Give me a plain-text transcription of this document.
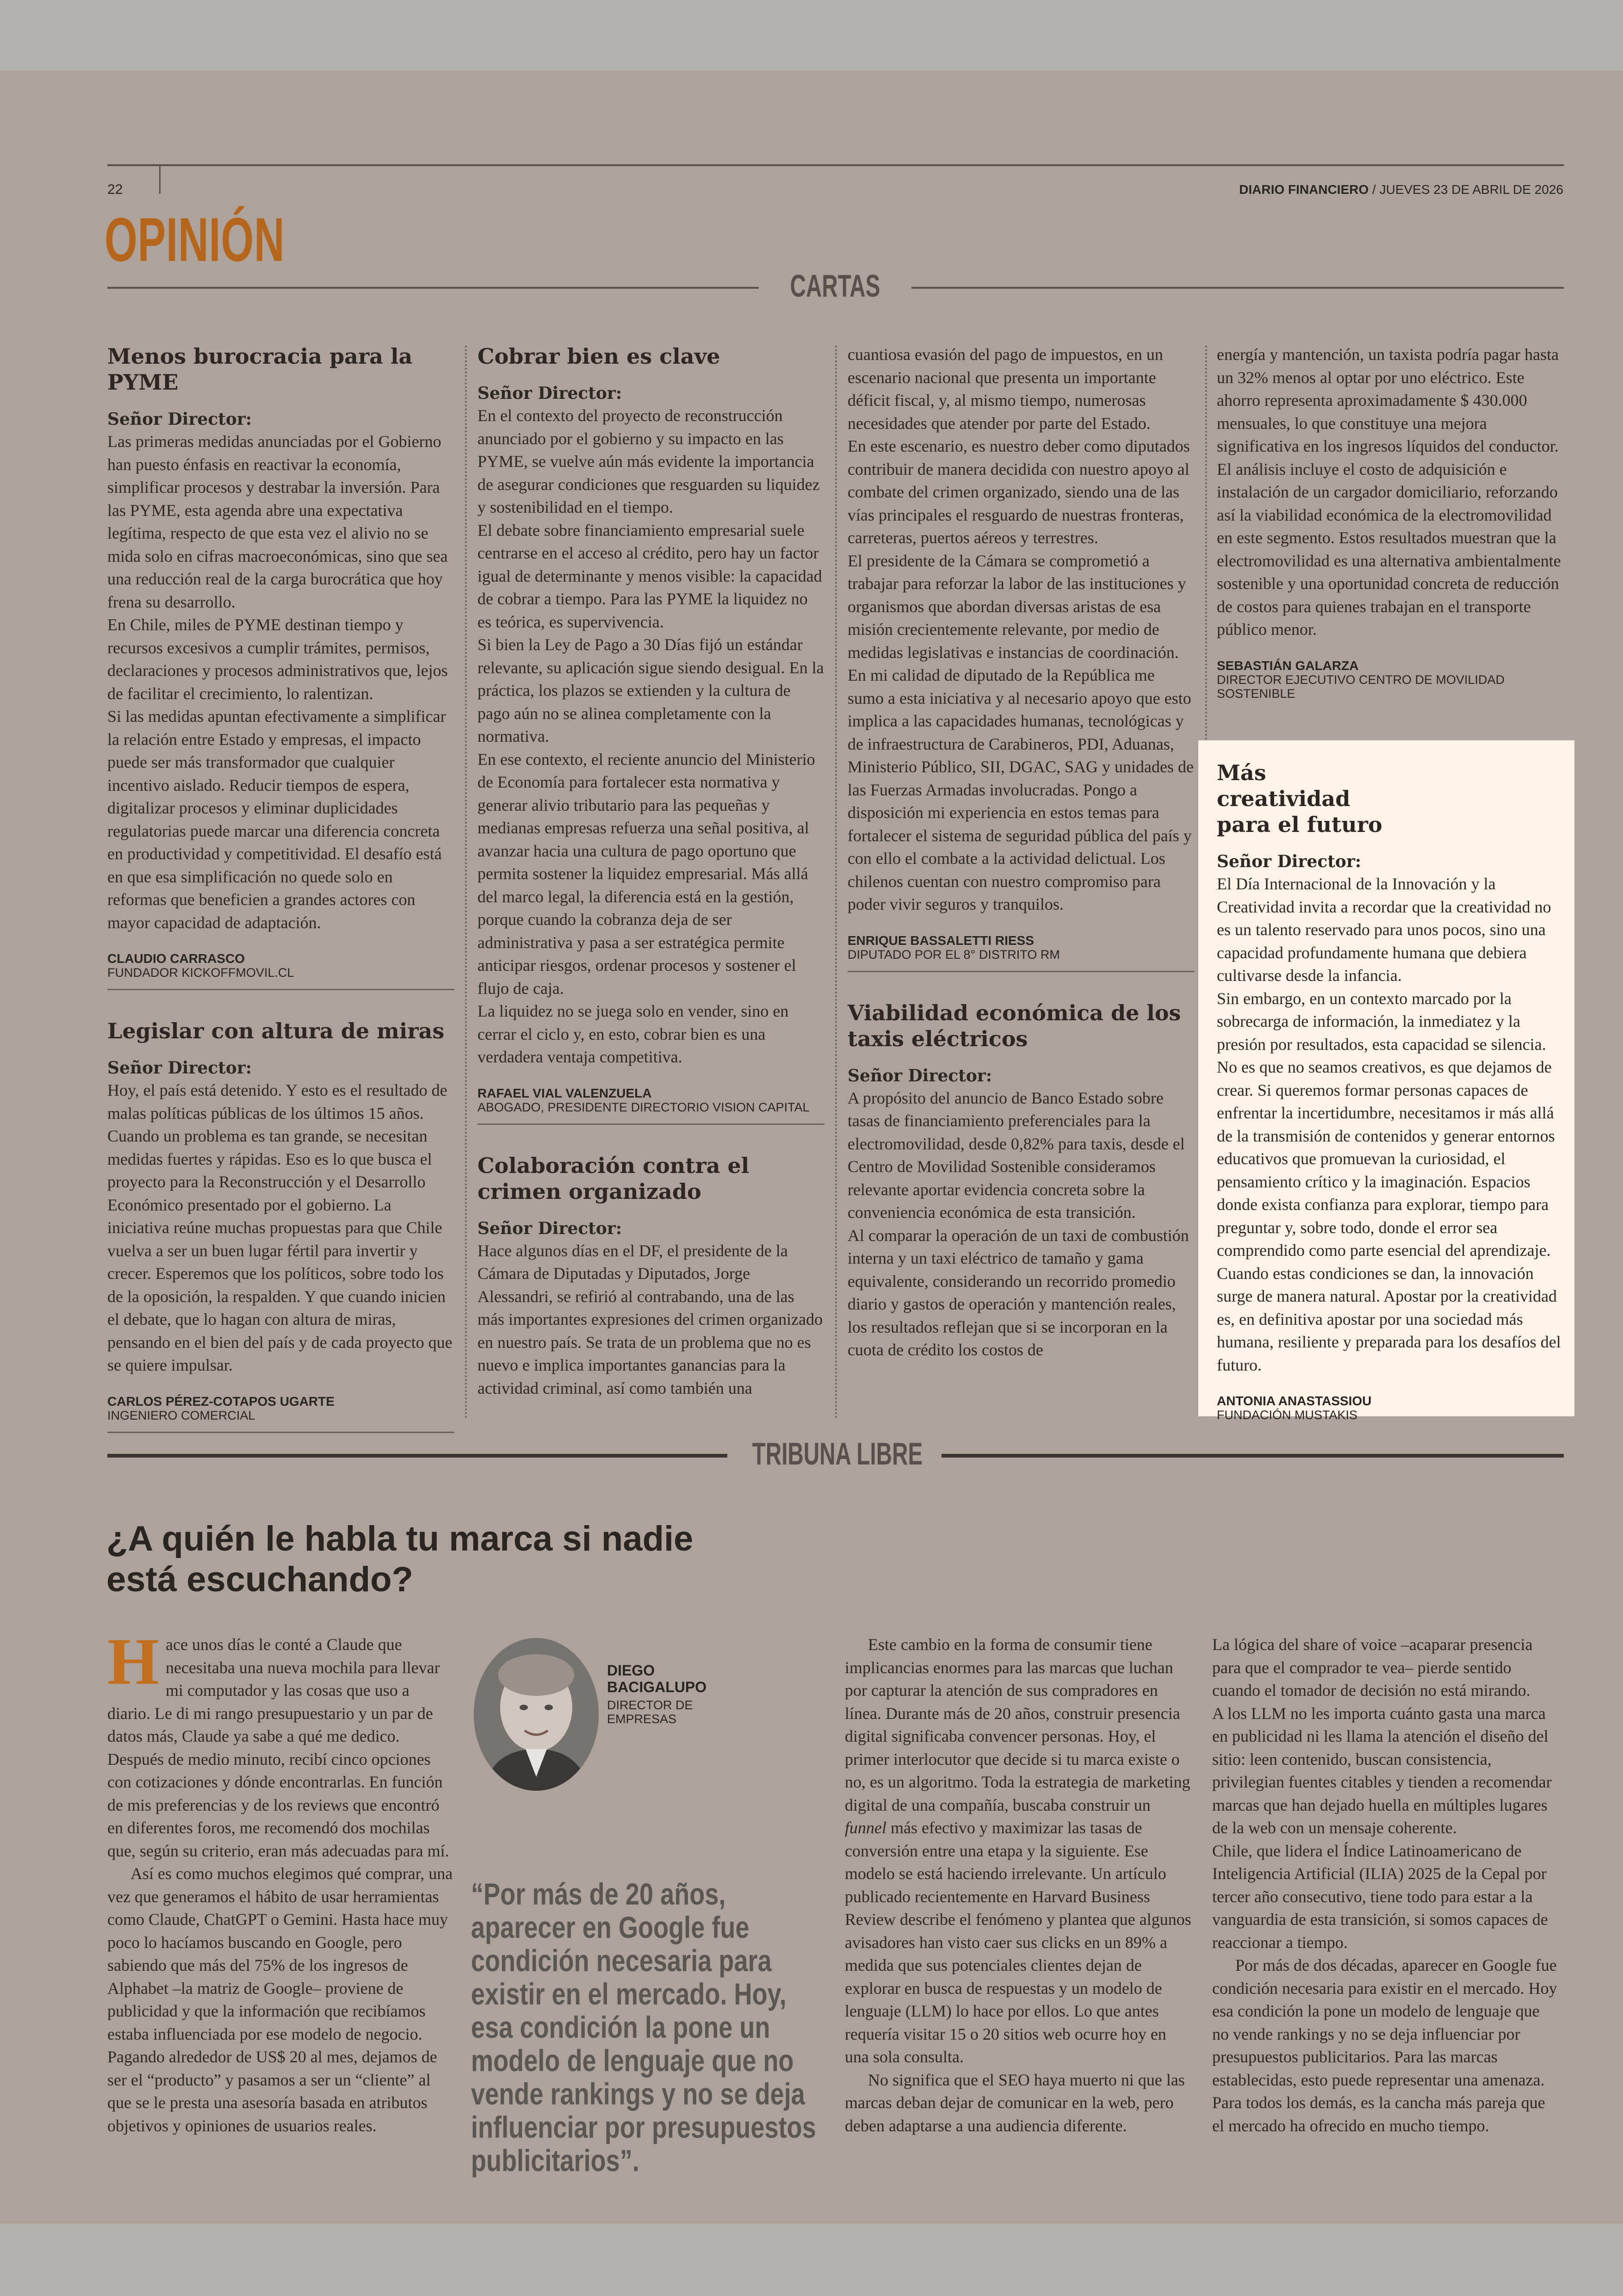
22	DIARIO FINANCIERO / JUEVES 23 DE ABRIL DE 2026
OPINIÓN
CARTAS
Menos burocracia para la PYME
Señor Director:

Las primeras medidas anunciadas por el Gobierno han puesto énfasis en reactivar la economía, simplificar procesos y destrabar la inversión. Para las PYME, esta agenda abre una expectativa legítima, respecto de que esta vez el alivio no se mida solo en cifras macroeconómicas, sino que sea una reducción real de la carga burocrática que hoy frena su desarrollo.

En Chile, miles de PYME destinan tiempo y recursos excesivos a cumplir trámites, permisos, declaraciones y procesos administrativos que, lejos de facilitar el crecimiento, lo ralentizan.

Si las medidas apuntan efectivamente a simplificar la relación entre Estado y empresas, el impacto puede ser más transformador que cualquier incentivo aislado. Reducir tiempos de espera, digitalizar procesos y eliminar duplicidades regulatorias puede marcar una diferencia concreta en productividad y competitividad. El desafío está en que esa simplificación no quede solo en reformas que beneficien a grandes actores con mayor capacidad de adaptación.

CLAUDIO CARRASCO
FUNDADOR KICKOFFMOVIL.CL
Legislar con altura de miras
Señor Director:

Hoy, el país está detenido. Y esto es el resultado de malas políticas públicas de los últimos 15 años. Cuando un problema es tan grande, se necesitan medidas fuertes y rápidas. Eso es lo que busca el proyecto para la Reconstrucción y el Desarrollo Económico presentado por el gobierno. La iniciativa reúne muchas propuestas para que Chile vuelva a ser un buen lugar fértil para invertir y crecer. Esperemos que los políticos, sobre todo los de la oposición, la respalden. Y que cuando inicien el debate, que lo hagan con altura de miras, pensando en el bien del país y de cada proyecto que se quiere impulsar.

CARLOS PÉREZ-COTAPOS UGARTE
INGENIERO COMERCIAL
Cobrar bien es clave
Señor Director:

En el contexto del proyecto de reconstrucción anunciado por el gobierno y su impacto en las PYME, se vuelve aún más evidente la importancia de asegurar condiciones que resguarden su liquidez y sostenibilidad en el tiempo.

El debate sobre financiamiento empresarial suele centrarse en el acceso al crédito, pero hay un factor igual de determinante y menos visible: la capacidad de cobrar a tiempo. Para las PYME la liquidez no es teórica, es supervivencia.

Si bien la Ley de Pago a 30 Días fijó un estándar relevante, su aplicación sigue siendo desigual. En la práctica, los plazos se extienden y la cultura de pago aún no se alinea completamente con la normativa.

En ese contexto, el reciente anuncio del Ministerio de Economía para fortalecer esta normativa y generar alivio tributario para las pequeñas y medianas empresas refuerza una señal positiva, al avanzar hacia una cultura de pago oportuno que permita sostener la liquidez empresarial. Más allá del marco legal, la diferencia está en la gestión, porque cuando la cobranza deja de ser administrativa y pasa a ser estratégica permite anticipar riesgos, ordenar procesos y sostener el flujo de caja.

La liquidez no se juega solo en vender, sino en cerrar el ciclo y, en esto, cobrar bien es una verdadera ventaja competitiva.

RAFAEL VIAL VALENZUELA
ABOGADO, PRESIDENTE DIRECTORIO VISION CAPITAL
Colaboración contra el crimen organizado
Señor Director:

Hace algunos días en el DF, el presidente de la Cámara de Diputadas y Diputados, Jorge Alessandri, se refirió al contrabando, una de las más importantes expresiones del crimen organizado en nuestro país. Se trata de un problema que no es nuevo e implica importantes ganancias para la actividad criminal, así como también una

cuantiosa evasión del pago de impuestos, en un escenario nacional que presenta un importante déficit fiscal, y, al mismo tiempo, numerosas necesidades que atender por parte del Estado.

En este escenario, es nuestro deber como diputados contribuir de manera decidida con nuestro apoyo al combate del crimen organizado, siendo una de las vías principales el resguardo de nuestras fronteras, carreteras, puertos aéreos y terrestres.

El presidente de la Cámara se comprometió a trabajar para reforzar la labor de las instituciones y organismos que abordan diversas aristas de esa misión crecientemente relevante, por medio de medidas legislativas e instancias de coordinación. En mi calidad de diputado de la República me sumo a esta iniciativa y al necesario apoyo que esto implica a las capacidades humanas, tecnológicas y de infraestructura de Carabineros, PDI, Aduanas, Ministerio Público, SII, DGAC, SAG y unidades de las Fuerzas Armadas involucradas. Pongo a disposición mi experiencia en estos temas para fortalecer el sistema de seguridad pública del país y con ello el combate a la actividad delictual. Los chilenos cuentan con nuestro compromiso para poder vivir seguros y tranquilos.

ENRIQUE BASSALETTI RIESS
DIPUTADO POR EL 8° DISTRITO RM
Viabilidad económica de los taxis eléctricos
Señor Director:

A propósito del anuncio de Banco Estado sobre tasas de financiamiento preferenciales para la electromovilidad, desde 0,82% para taxis, desde el Centro de Movilidad Sostenible consideramos relevante aportar evidencia concreta sobre la conveniencia económica de esta transición.

Al comparar la operación de un taxi de combustión interna y un taxi eléctrico de tamaño y gama equivalente, considerando un recorrido promedio diario y gastos de operación y mantención reales, los resultados reflejan que si se incorporan en la cuota de crédito los costos de

energía y mantención, un taxista podría pagar hasta un 32% menos al optar por uno eléctrico. Este ahorro representa aproximadamente $ 430.000 mensuales, lo que constituye una mejora significativa en los ingresos líquidos del conductor. El análisis incluye el costo de adquisición e instalación de un cargador domiciliario, reforzando así la viabilidad económica de la electromovilidad en este segmento. Estos resultados muestran que la electromovilidad es una alternativa ambientalmente sostenible y una oportunidad concreta de reducción de costos para quienes trabajan en el transporte público menor.

SEBASTIÁN GALARZA
DIRECTOR EJECUTIVO CENTRO DE MOVILIDAD SOSTENIBLE
Más creatividad para el futuro
Señor Director:

El Día Internacional de la Innovación y la Creatividad invita a recordar que la creatividad no es un talento reservado para unos pocos, sino una capacidad profundamente humana que debiera cultivarse desde la infancia.

Sin embargo, en un contexto marcado por la sobrecarga de información, la inmediatez y la presión por resultados, esta capacidad se silencia. No es que no seamos creativos, es que dejamos de crear. Si queremos formar personas capaces de enfrentar la incertidumbre, necesitamos ir más allá de la transmisión de contenidos y generar entornos educativos que promuevan la curiosidad, el pensamiento crítico y la imaginación. Espacios donde exista confianza para explorar, tiempo para preguntar y, sobre todo, donde el error sea comprendido como parte esencial del aprendizaje. Cuando estas condiciones se dan, la innovación surge de manera natural. Apostar por la creatividad es, en definitiva apostar por una sociedad más humana, resiliente y preparada para los desafíos del futuro.

ANTONIA ANASTASSIOU
FUNDACIÓN MUSTAKIS
TRIBUNA LIBRE
¿A quién le habla tu marca si nadie está escuchando?

Hace unos días le conté a Claude que necesitaba una nueva mochila para llevar mi computador y las cosas que uso a diario. Le di mi rango presupuestario y un par de datos más, Claude ya sabe a qué me dedico. Después de medio minuto, recibí cinco opciones con cotizaciones y dónde encontrarlas. En función de mis preferencias y de los reviews que encontró en diferentes foros, me recomendó dos mochilas que, según su criterio, eran más adecuadas para mí.

Así es como muchos elegimos qué comprar, una vez que generamos el hábito de usar herramientas como Claude, ChatGPT o Gemini. Hasta hace muy poco lo hacíamos buscando en Google, pero sabiendo que más del 75% de los ingresos de Alphabet –la matriz de Google– proviene de publicidad y que la información que recibíamos estaba influenciada por ese modelo de negocio. Pagando alrededor de US$ 20 al mes, dejamos de ser el “producto” y pasamos a ser un “cliente” al que se le presta una asesoría basada en atributos objetivos y opiniones de usuarios reales.

DIEGO BACIGALUPO
DIRECTOR DE EMPRESAS
“Por más de 20 años, aparecer en Google fue condición necesaria para existir en el mercado. Hoy, esa condición la pone un modelo de lenguaje que no vende rankings y no se deja influenciar por presupuestos publicitarios”.

Este cambio en la forma de consumir tiene implicancias enormes para las marcas que luchan por capturar la atención de sus compradores en línea. Durante más de 20 años, construir presencia digital significaba convencer personas. Hoy, el primer interlocutor que decide si tu marca existe o no, es un algoritmo. Toda la estrategia de marketing digital de una compañía, buscaba construir un funnel más efectivo y maximizar las tasas de conversión entre una etapa y la siguiente. Ese modelo se está haciendo irrelevante. Un artículo publicado recientemente en Harvard Business Review describe el fenómeno y plantea que algunos avisadores han visto caer sus clicks en un 89% a medida que sus potenciales clientes dejan de explorar en busca de respuestas y un modelo de lenguaje (LLM) lo hace por ellos. Lo que antes requería visitar 15 o 20 sitios web ocurre hoy en una sola consulta.

No significa que el SEO haya muerto ni que las marcas deban dejar de comunicar en la web, pero deben adaptarse a una audiencia diferente.

La lógica del share of voice –acaparar presencia para que el comprador te vea– pierde sentido cuando el tomador de decisión no está mirando.

A los LLM no les importa cuánto gasta una marca en publicidad ni les llama la atención el diseño del sitio: leen contenido, buscan consistencia, privilegian fuentes citables y tienden a recomendar marcas que han dejado huella en múltiples lugares de la web con un mensaje coherente.

Chile, que lidera el Índice Latinoamericano de Inteligencia Artificial (ILIA) 2025 de la Cepal por tercer año consecutivo, tiene todo para estar a la vanguardia de esta transición, si somos capaces de reaccionar a tiempo.

Por más de dos décadas, aparecer en Google fue condición necesaria para existir en el mercado. Hoy esa condición la pone un modelo de lenguaje que no vende rankings y no se deja influenciar por presupuestos publicitarios. Para las marcas establecidas, esto puede representar una amenaza. Para todos los demás, es la cancha más pareja que el mercado ha ofrecido en mucho tiempo.
